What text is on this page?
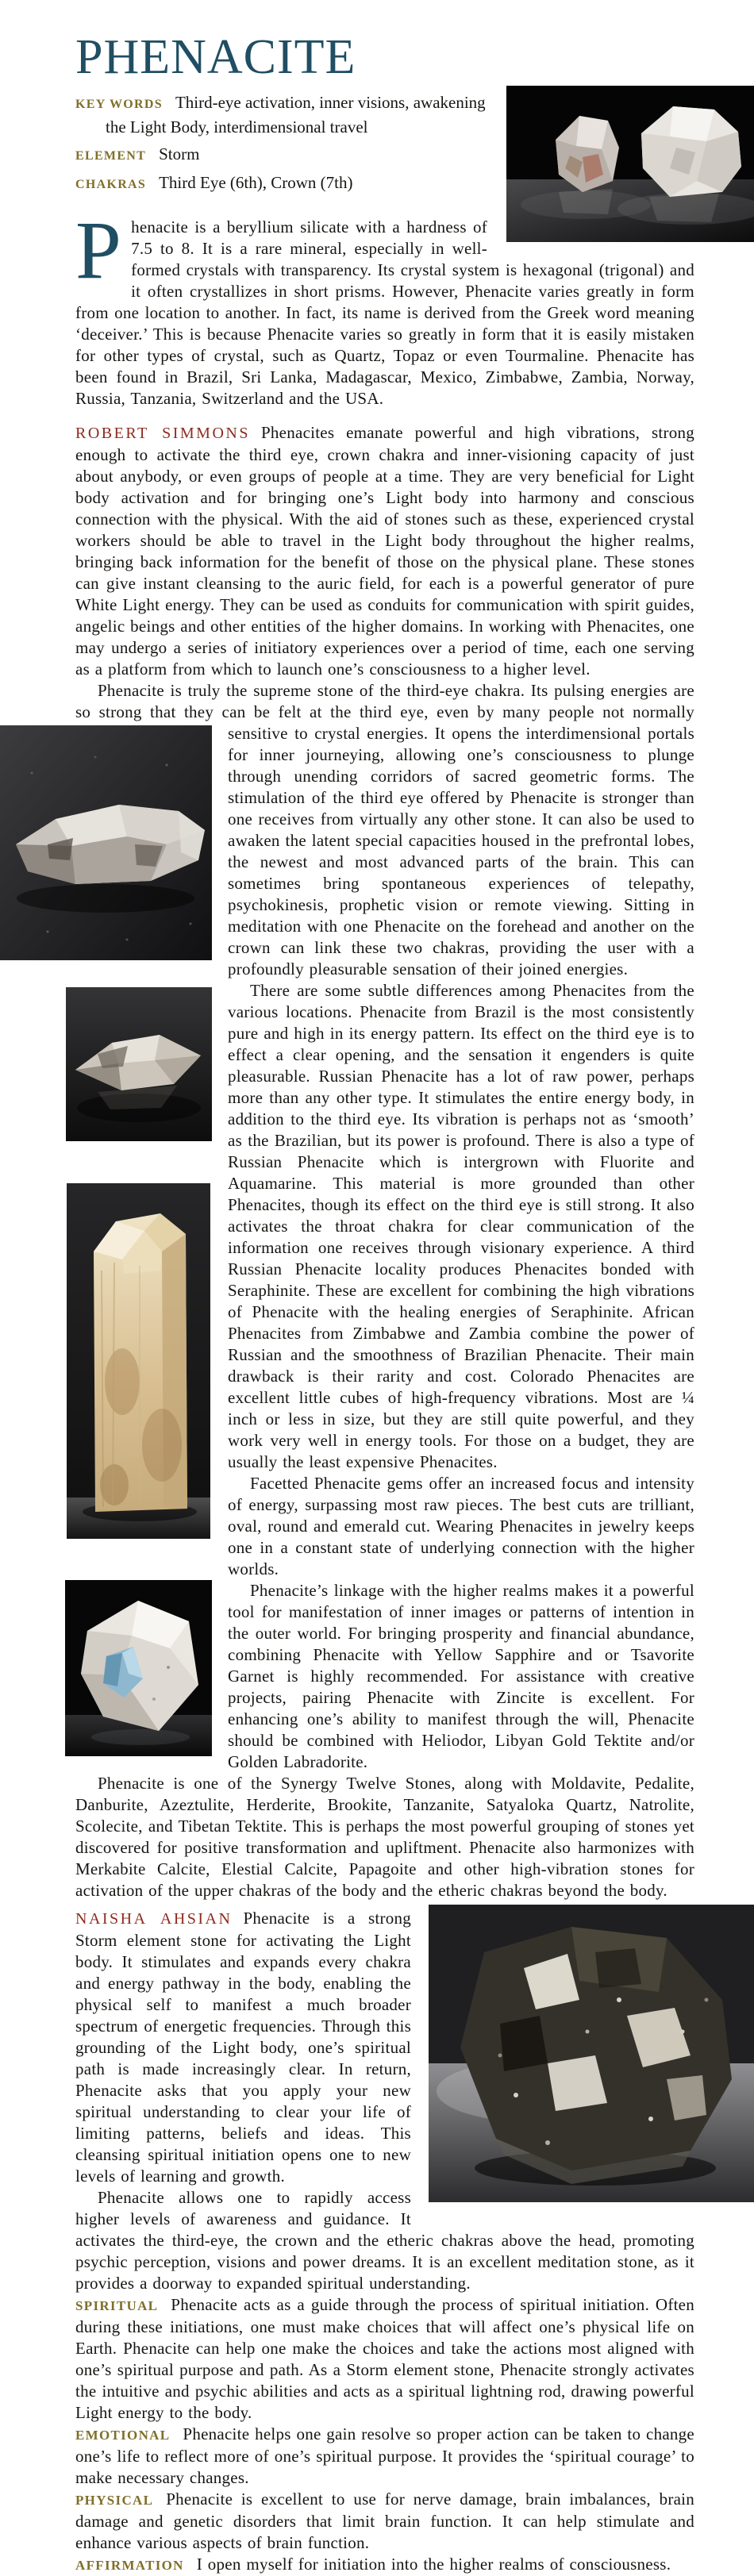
PHENACITE

KEY WORDS Third-eye activation, inner visions, awakening the Light Body, interdimensional travel

ELEMENT Storm

CHAKRAS Third Eye (6th), Crown (7th)

Phenacite is a beryllium silicate with a hardness of 7.5 to 8. It is a rare mineral, especially in well-formed crystals with transparency. Its crystal system is hexagonal (trigonal) and it often crystallizes in short prisms. However, Phenacite varies greatly in form from one location to another. In fact, its name is derived from the Greek word meaning ‘deceiver.’ This is because Phenacite varies so greatly in form that it is easily mistaken for other types of crystal, such as Quartz, Topaz or even Tourmaline. Phenacite has been found in Brazil, Sri Lanka, Madagascar, Mexico, Zimbabwe, Zambia, Norway, Russia, Tanzania, Switzerland and the USA.

ROBERT SIMMONS Phenacites emanate powerful and high vibrations, strong enough to activate the third eye, crown chakra and inner-visioning capacity of just about anybody, or even groups of people at a time. They are very beneficial for Light body activation and for bringing one’s Light body into harmony and conscious connection with the physical. With the aid of stones such as these, experienced crystal workers should be able to travel in the Light body throughout the higher realms, bringing back information for the benefit of those on the physical plane. These stones can give instant cleansing to the auric field, for each is a powerful generator of pure White Light energy. They can be used as conduits for communication with spirit guides, angelic beings and other entities of the higher domains. In working with Phenacites, one may undergo a series of initiatory experiences over a period of time, each one serving as a platform from which to launch one’s consciousness to a higher level.

Phenacite is truly the supreme stone of the third-eye chakra. Its pulsing energies are so strong that they can be felt at the third eye, even by many people not normally sensitive to crystal energies. It opens the interdimensional portals for inner journeying, allowing one’s consciousness to plunge through unending corridors of sacred geometric forms. The stimulation of the third eye offered by Phenacite is stronger than one receives from virtually any other stone. It can also be used to awaken the latent special capacities housed in the prefrontal lobes, the newest and most advanced parts of the brain. This can sometimes bring spontaneous experiences of telepathy, psychokinesis, prophetic vision or remote viewing. Sitting in meditation with one Phenacite on the forehead and another on the crown can link these two chakras, providing the user with a profoundly pleasurable sensation of their joined energies.

There are some subtle differences among Phenacites from the various locations. Phenacite from Brazil is the most consistently pure and high in its energy pattern. Its effect on the third eye is to effect a clear opening, and the sensation it engenders is quite pleasurable. Russian Phenacite has a lot of raw power, perhaps more than any other type. It stimulates the entire energy body, in addition to the third eye. Its vibration is perhaps not as ‘smooth’ as the Brazilian, but its power is profound. There is also a type of Russian Phenacite which is intergrown with Fluorite and Aquamarine. This material is more grounded than other Phenacites, though its effect on the third eye is still strong. It also activates the throat chakra for clear communication of the information one receives through visionary experience. A third Russian Phenacite locality produces Phenacites bonded with Seraphinite. These are excellent for combining the high vibrations of Phenacite with the healing energies of Seraphinite. African Phenacites from Zimbabwe and Zambia combine the power of Russian and the smoothness of Brazilian Phenacite. Their main drawback is their rarity and cost. Colorado Phenacites are excellent little cubes of high-frequency vibrations. Most are ¼ inch or less in size, but they are still quite powerful, and they work very well in energy tools. For those on a budget, they are usually the least expensive Phenacites.

Facetted Phenacite gems offer an increased focus and intensity of energy, surpassing most raw pieces. The best cuts are trilliant, oval, round and emerald cut. Wearing Phenacites in jewelry keeps one in a constant state of underlying connection with the higher worlds.

Phenacite’s linkage with the higher realms makes it a powerful tool for manifestation of inner images or patterns of intention in the outer world. For bringing prosperity and financial abundance, combining Phenacite with Yellow Sapphire and or Tsavorite Garnet is highly recommended. For assistance with creative projects, pairing Phenacite with Zincite is excellent. For enhancing one’s ability to manifest through the will, Phenacite should be combined with Heliodor, Libyan Gold Tektite and/or Golden Labradorite.

Phenacite is one of the Synergy Twelve Stones, along with Moldavite, Pedalite, Danburite, Azeztulite, Herderite, Brookite, Tanzanite, Satyaloka Quartz, Natrolite, Scolecite, and Tibetan Tektite. This is perhaps the most powerful grouping of stones yet discovered for positive transformation and upliftment. Phenacite also harmonizes with Merkabite Calcite, Elestial Calcite, Papagoite and other high-vibration stones for activation of the upper chakras of the body and the etheric chakras beyond the body.

NAISHA AHSIAN Phenacite is a strong Storm element stone for activating the Light body. It stimulates and expands every chakra and energy pathway in the body, enabling the physical self to manifest a much broader spectrum of energetic frequencies. Through this grounding of the Light body, one’s spiritual path is made increasingly clear. In return, Phenacite asks that you apply your new spiritual understanding to clear your life of limiting patterns, beliefs and ideas. This cleansing spiritual initiation opens one to new levels of learning and growth.

Phenacite allows one to rapidly access higher levels of awareness and guidance. It activates the third-eye, the crown and the etheric chakras above the head, promoting psychic perception, visions and power dreams. It is an excellent meditation stone, as it provides a doorway to expanded spiritual understanding.

SPIRITUAL Phenacite acts as a guide through the process of spiritual initiation. Often during these initiations, one must make choices that will affect one’s physical life on Earth. Phenacite can help one make the choices and take the actions most aligned with one’s spiritual purpose and path. As a Storm element stone, Phenacite strongly activates the intuitive and psychic abilities and acts as a spiritual lightning rod, drawing powerful Light energy to the body.

EMOTIONAL Phenacite helps one gain resolve so proper action can be taken to change one’s life to reflect more of one’s spiritual purpose. It provides the ‘spiritual courage’ to make necessary changes.

PHYSICAL Phenacite is excellent to use for nerve damage, brain imbalances, brain damage and genetic disorders that limit brain function. It can help stimulate and enhance various aspects of brain function.

AFFIRMATION I open myself for initiation into the higher realms of consciousness.
